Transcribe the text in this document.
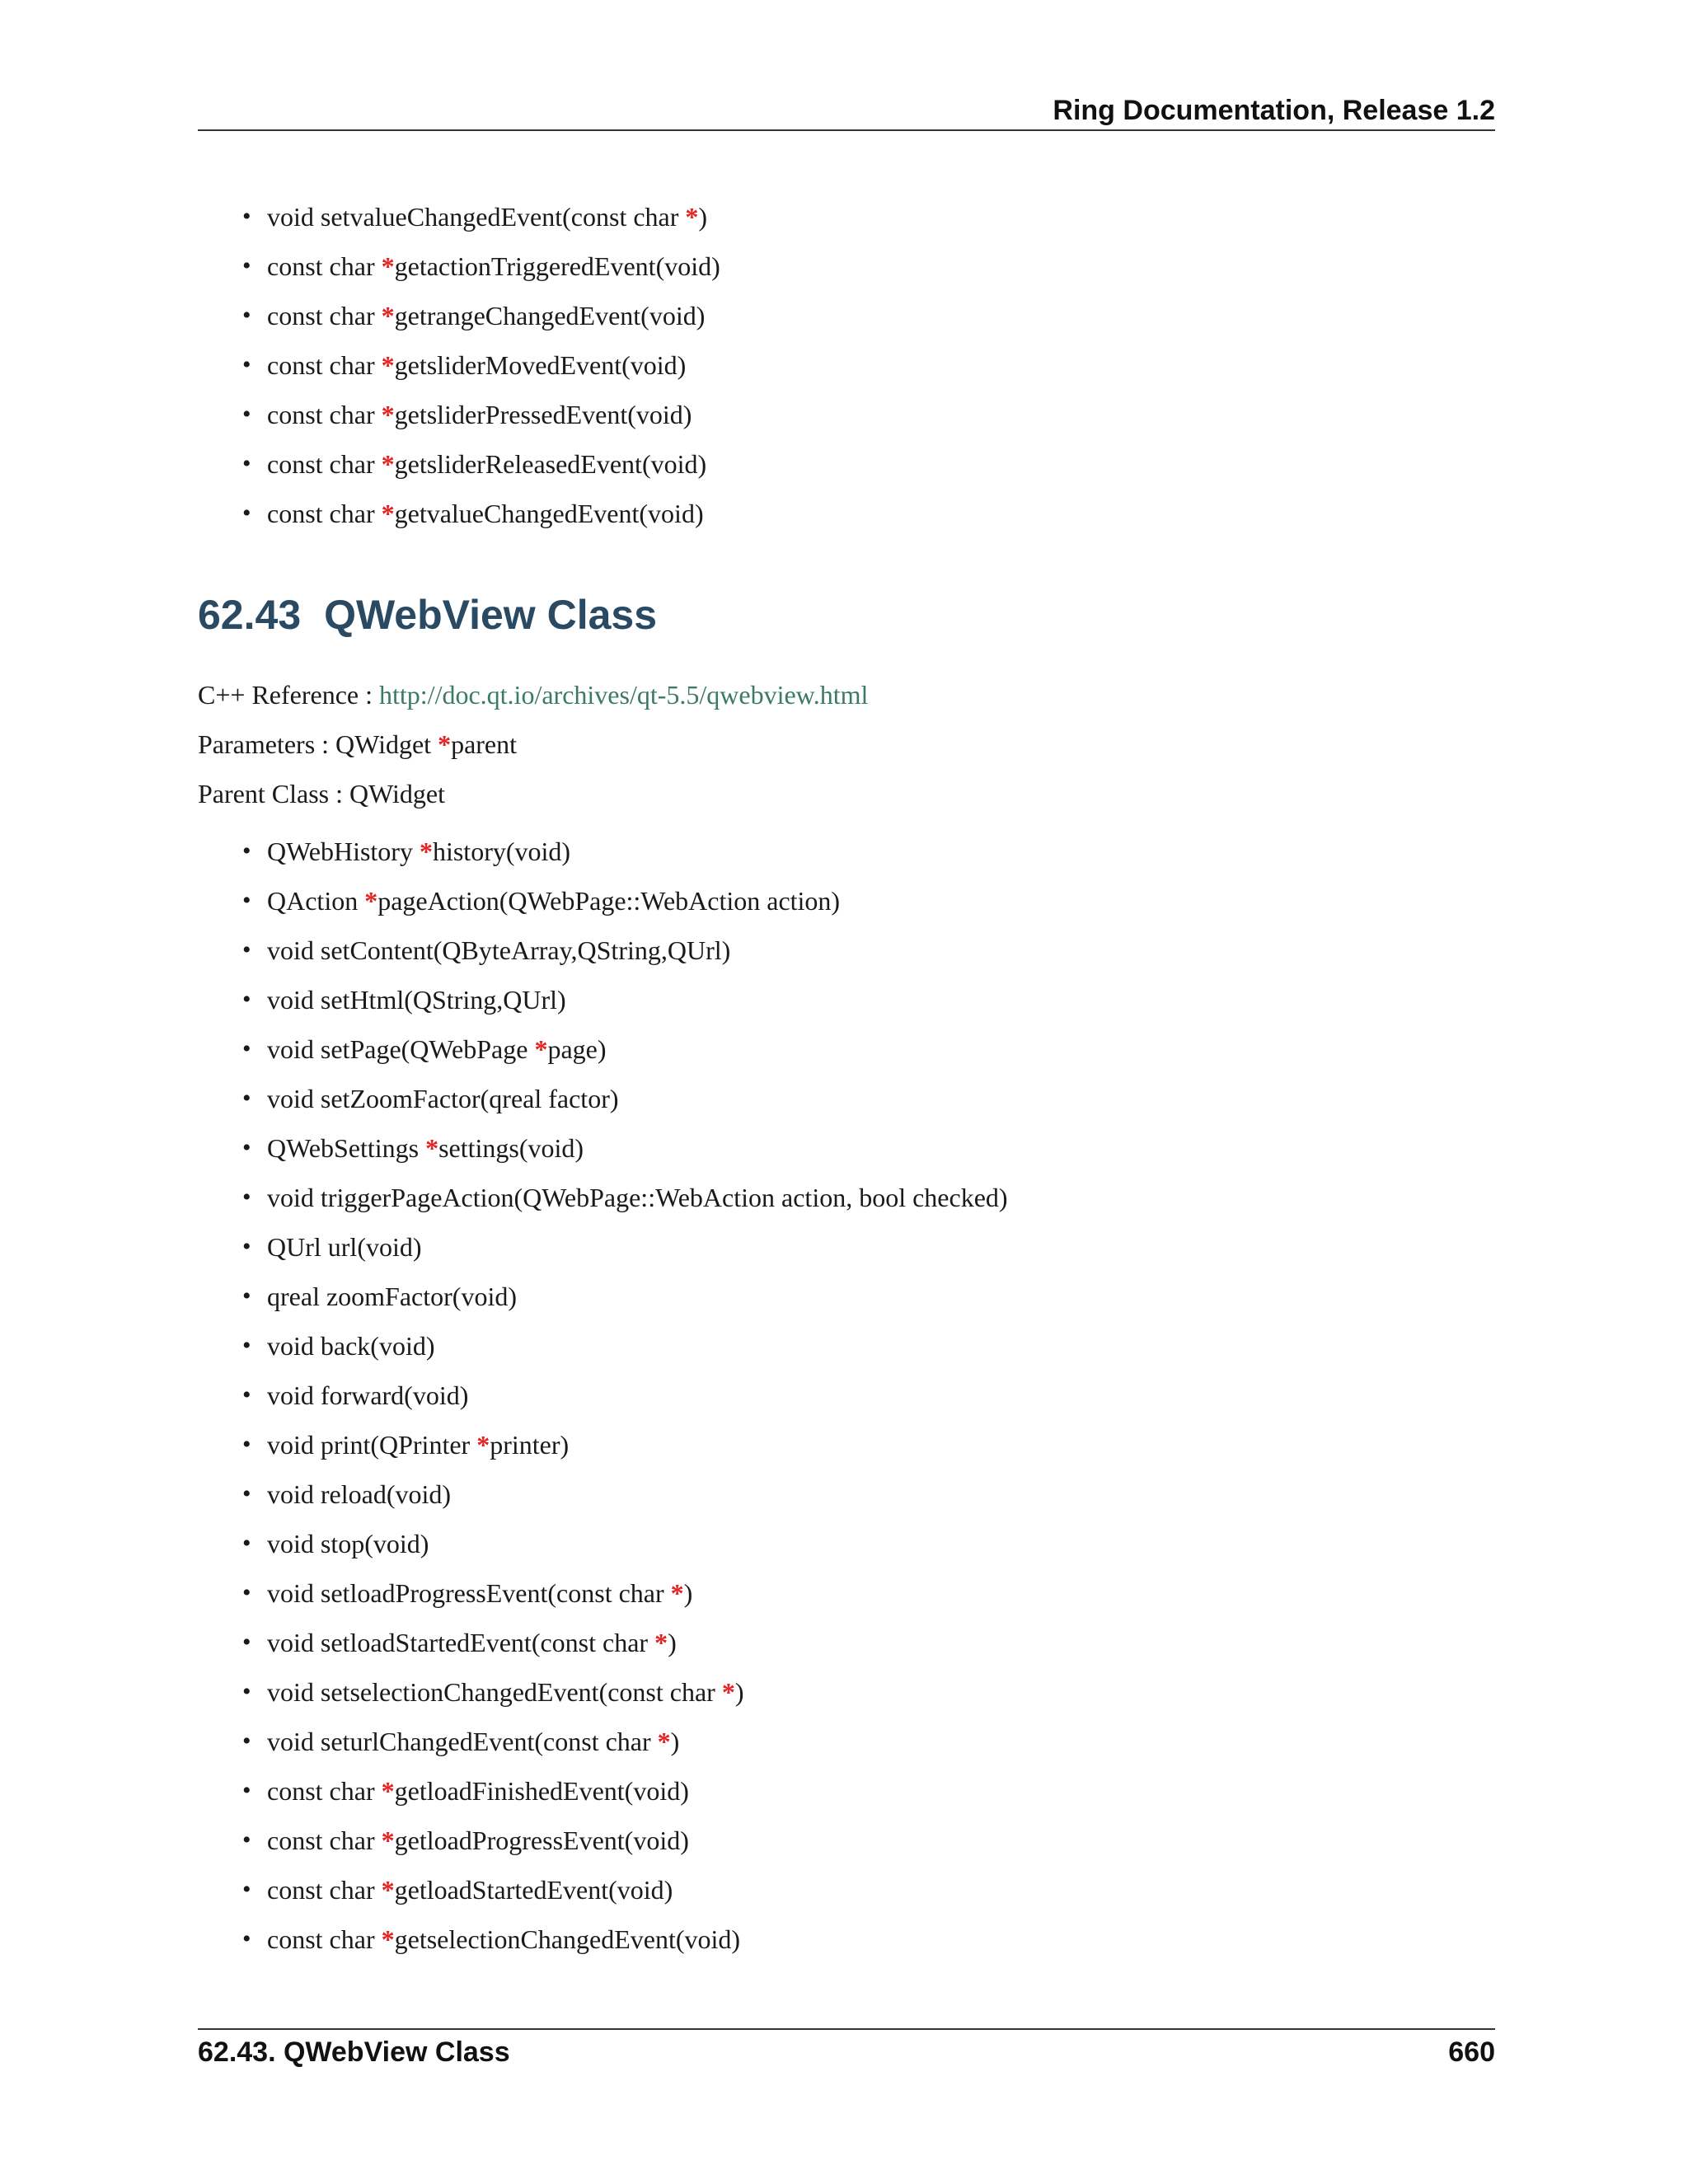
Ring Documentation, Release 1.2
• void setvalueChangedEvent(const char *)
• const char *getactionTriggeredEvent(void)
• const char *getrangeChangedEvent(void)
• const char *getsliderMovedEvent(void)
• const char *getsliderPressedEvent(void)
• const char *getsliderReleasedEvent(void)
• const char *getvalueChangedEvent(void)
62.43 QWebView Class
C++ Reference : http://doc.qt.io/archives/qt-5.5/qwebview.html
Parameters : QWidget *parent
Parent Class : QWidget
• QWebHistory *history(void)
• QAction *pageAction(QWebPage::WebAction action)
• void setContent(QByteArray,QString,QUrl)
• void setHtml(QString,QUrl)
• void setPage(QWebPage *page)
• void setZoomFactor(qreal factor)
• QWebSettings *settings(void)
• void triggerPageAction(QWebPage::WebAction action, bool checked)
• QUrl url(void)
• qreal zoomFactor(void)
• void back(void)
• void forward(void)
• void print(QPrinter *printer)
• void reload(void)
• void stop(void)
• void setloadProgressEvent(const char *)
• void setloadStartedEvent(const char *)
• void setselectionChangedEvent(const char *)
• void seturlChangedEvent(const char *)
• const char *getloadFinishedEvent(void)
• const char *getloadProgressEvent(void)
• const char *getloadStartedEvent(void)
• const char *getselectionChangedEvent(void)
62.43. QWebView Class	660
